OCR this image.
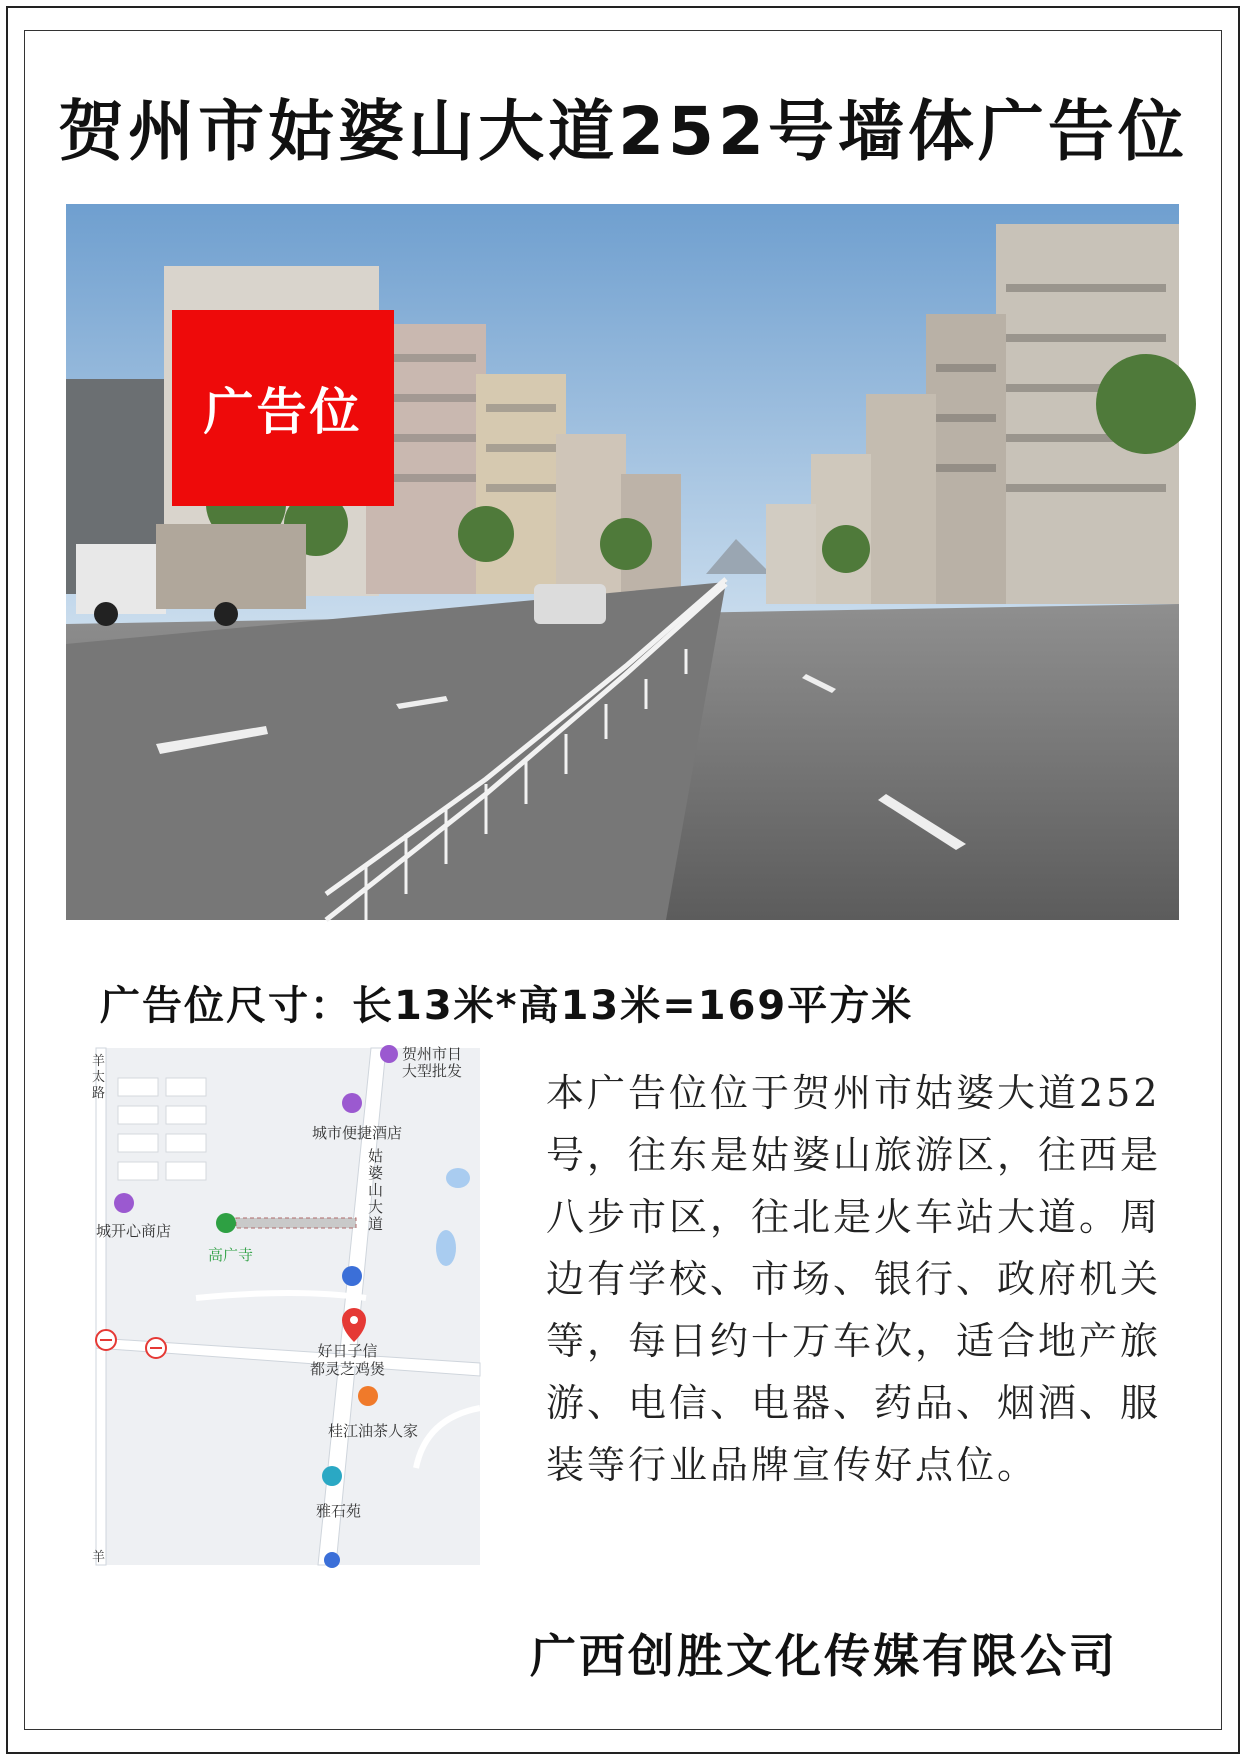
贺州市姑婆山大道252号墙体广告位
广告位
广告位尺寸：长13米*高13米=169平方米
贺州市日
大型批发
城市便捷酒店
姑婆山大道
城开心商店
高广寺
好日子信
都灵芝鸡煲
桂江油茶人家
雅石苑
羊太路
羊
本广告位位于贺州市姑婆大道252号，往东是姑婆山旅游区，往西是八步市区，往北是火车站大道。周边有学校、市场、银行、政府机关等，每日约十万车次，适合地产旅游、电信、电器、药品、烟酒、服装等行业品牌宣传好点位。
广西创胜文化传媒有限公司
